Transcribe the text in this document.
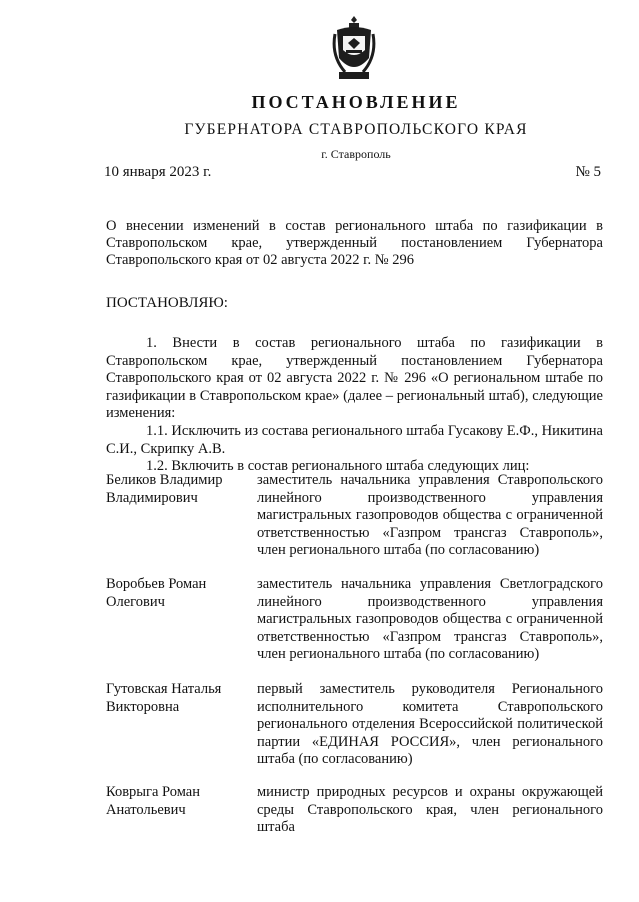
ПОСТАНОВЛЕНИЕ
ГУБЕРНАТОРА СТАВРОПОЛЬСКОГО КРАЯ
г. Ставрополь
10 января 2023 г.	№ 5
О внесении изменений в состав регионального штаба по газификации в Ставропольском крае, утвержденный постановлением Губернатора Ставропольского края от 02 августа 2022 г. № 296
ПОСТАНОВЛЯЮ:

1. Внести в состав регионального штаба по газификации в Ставропольском крае, утвержденный постановлением Губернатора Ставропольского края от 02 августа 2022 г. № 296 «О региональном штабе по газификации в Ставропольском крае» (далее – региональный штаб), следующие изменения:

1.1. Исключить из состава регионального штаба Гусакову Е.Ф., Никитина С.И., Скрипку А.В.

1.2. Включить в состав регионального штаба следующих лиц:

Беликов Владимир Владимирович
заместитель начальника управления Ставропольского линейного производственного управления магистральных газопроводов общества с ограниченной ответственностью «Газпром трансгаз Ставрополь», член регионального штаба (по согласованию)
Воробьев Роман Олегович
заместитель начальника управления Светлоградского линейного производственного управления магистральных газопроводов общества с ограниченной ответственностью «Газпром трансгаз Ставрополь», член регионального штаба (по согласованию)
Гутовская Наталья Викторовна
первый заместитель руководителя Регионального исполнительного комитета Ставропольского регионального отделения Всероссийской политической партии «ЕДИНАЯ РОССИЯ», член регионального штаба (по согласованию)
Коврыга Роман Анатольевич
министр природных ресурсов и охраны окружающей среды Ставропольского края, член регионального штаба
